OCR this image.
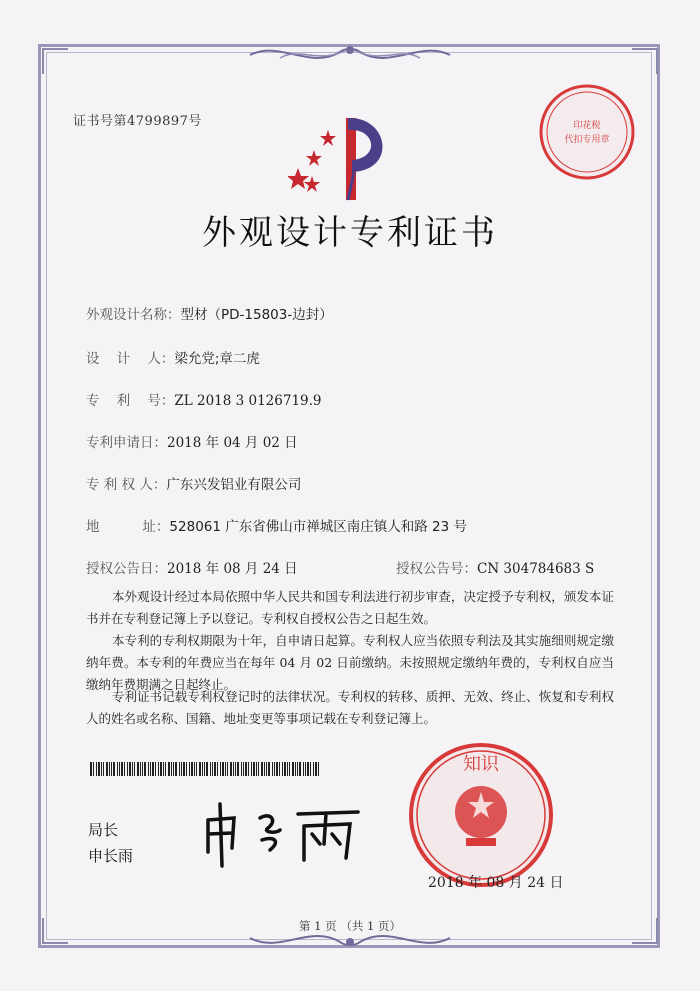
证书号第4799897号
外观设计专利证书
外观设计名称：型材（PD-15803-边封）
设    计    人：梁允党;章二虎
专    利    号：ZL 2018 3 0126719.9
专利申请日：2018 年 04 月 02 日
专 利 权 人：广东兴发铝业有限公司
地          址：528061 广东省佛山市禅城区南庄镇人和路 23 号
授权公告日：2018 年 08 月 24 日	授权公告号：CN 304784683 S
本外观设计经过本局依照中华人民共和国专利法进行初步审查，决定授予专利权，颁发本证书并在专利登记簿上予以登记。专利权自授权公告之日起生效。
本专利的专利权期限为十年，自申请日起算。专利权人应当依照专利法及其实施细则规定缴纳年费。本专利的年费应当在每年 04 月 02 日前缴纳。未按照规定缴纳年费的，专利权自应当缴纳年费期满之日起终止。
专利证书记载专利权登记时的法律状况。专利权的转移、质押、无效、终止、恢复和专利权人的姓名或名称、国籍、地址变更等事项记载在专利登记簿上。
局长
申长雨
知识
2018 年 08 月 24 日
印花税
代扣专用章
第 1 页 （共 1 页）
